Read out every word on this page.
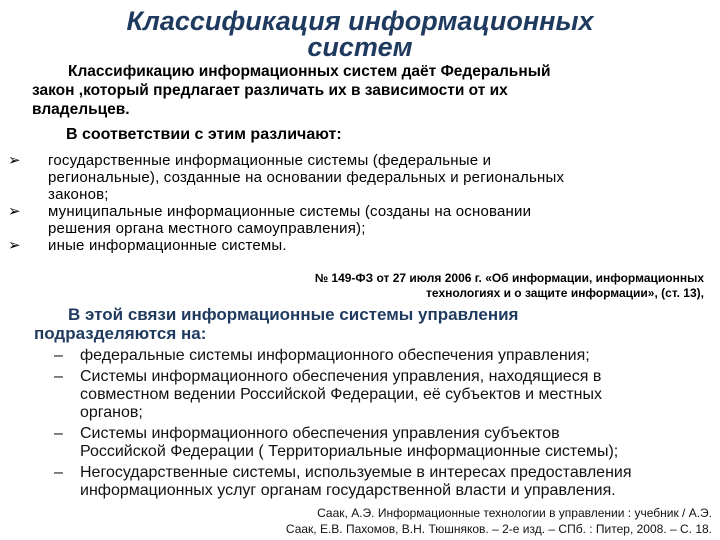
Классификация информационных
систем
Классификацию информационных систем даёт Федеральный
закон ,который предлагает различать их в зависимости от их
владельцев.
В соответствии с этим различают:
➢	государственные информационные системы (федеральные и
региональные), созданные на основании федеральных и региональных
законов;
➢	муниципальные информационные системы (созданы на основании
решения органа местного самоуправления);
➢	иные информационные системы.
№ 149-ФЗ от 27 июля 2006 г. «Об информации, информационных
технологиях и о защите информации», (ст. 13),
В этой связи информационные системы управления
подразделяются на:
–	федеральные системы информационного обеспечения управления;
–	Системы информационного обеспечения управления, находящиеся в
совместном ведении Российской Федерации, её субъектов и местных
органов;
–	Системы информационного обеспечения управления субъектов
Российской Федерации ( Территориальные информационные системы);
–	Негосударственные системы, используемые в интересах предоставления
информационных услуг органам государственной власти и управления.
Саак, А.Э. Информационные технологии в управлении : учебник / А.Э.
Саак, Е.В. Пахомов, В.Н. Тюшняков. – 2-е изд. – СПб. : Питер, 2008. – С. 18.
